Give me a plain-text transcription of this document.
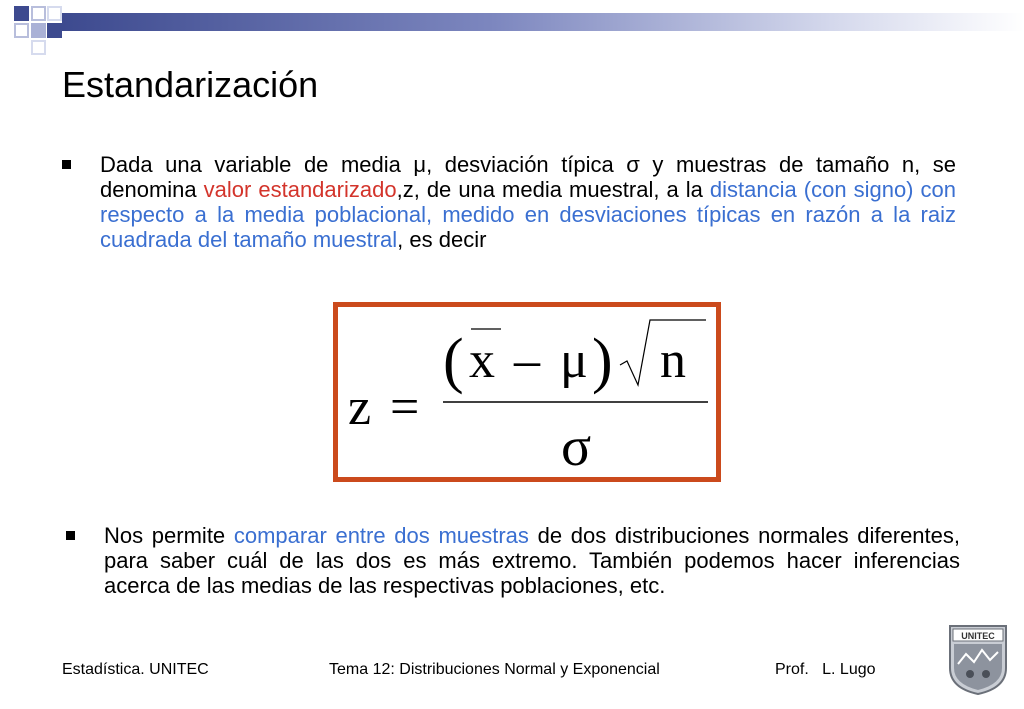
Estandarización

Dada una variable de media μ, desviación típica σ y muestras de tamaño n, se denomina valor estandarizado,z, de una media muestral, a la distancia (con signo) con respecto a la media poblacional, medido en desviaciones típicas en razón a la raiz cuadrada del tamaño muestral, es decir

z =
( x – μ ) n
σ

Nos permite comparar entre dos muestras de dos distribuciones normales diferentes, para saber cuál de las dos es más extremo. También podemos hacer inferencias acerca de las medias de las respectivas poblaciones, etc.

Estadística. UNITEC	Tema 12: Distribuciones Normal y Exponencial	Prof.   L. Lugo
UNITEC
